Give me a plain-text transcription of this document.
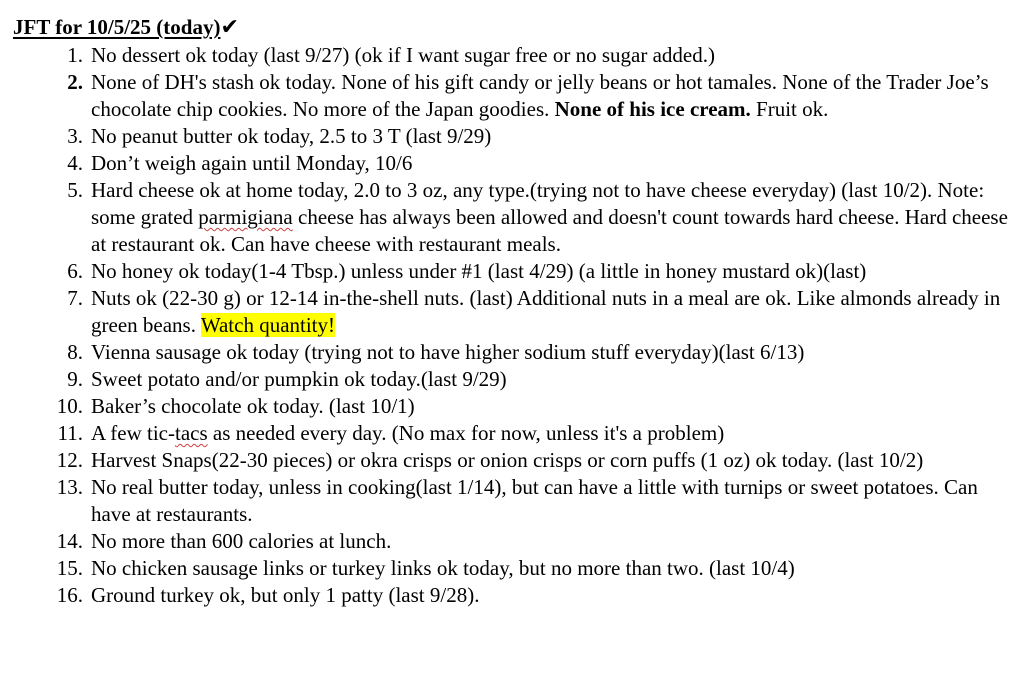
JFT for 10/5/25 (today)✔
1. No dessert ok today (last 9/27) (ok if I want sugar free or no sugar added.)
2. None of DH's stash ok today. None of his gift candy or jelly beans or hot tamales. None of the Trader Joe’s chocolate chip cookies. No more of the Japan goodies. None of his ice cream. Fruit ok.
3. No peanut butter ok today, 2.5 to 3 T (last 9/29)
4. Don’t weigh again until Monday, 10/6
5. Hard cheese ok at home today, 2.0 to 3 oz, any type.(trying not to have cheese everyday) (last 10/2). Note: some grated parmigiana cheese has always been allowed and doesn't count towards hard cheese. Hard cheese at restaurant ok. Can have cheese with restaurant meals.
6. No honey ok today(1-4 Tbsp.) unless under #1 (last 4/29) (a little in honey mustard ok)(last)
7. Nuts ok (22-30 g) or 12-14 in-the-shell nuts. (last) Additional nuts in a meal are ok. Like almonds already in green beans. Watch quantity!
8. Vienna sausage ok today (trying not to have higher sodium stuff everyday)(last 6/13)
9. Sweet potato and/or pumpkin ok today.(last 9/29)
10. Baker’s chocolate ok today. (last 10/1)
11. A few tic-tacs as needed every day. (No max for now, unless it's a problem)
12. Harvest Snaps(22-30 pieces) or okra crisps or onion crisps or corn puffs (1 oz) ok today. (last 10/2)
13. No real butter today, unless in cooking(last 1/14), but can have a little with turnips or sweet potatoes. Can have at restaurants.
14. No more than 600 calories at lunch.
15. No chicken sausage links or turkey links ok today, but no more than two. (last 10/4)
16. Ground turkey ok, but only 1 patty (last 9/28).
